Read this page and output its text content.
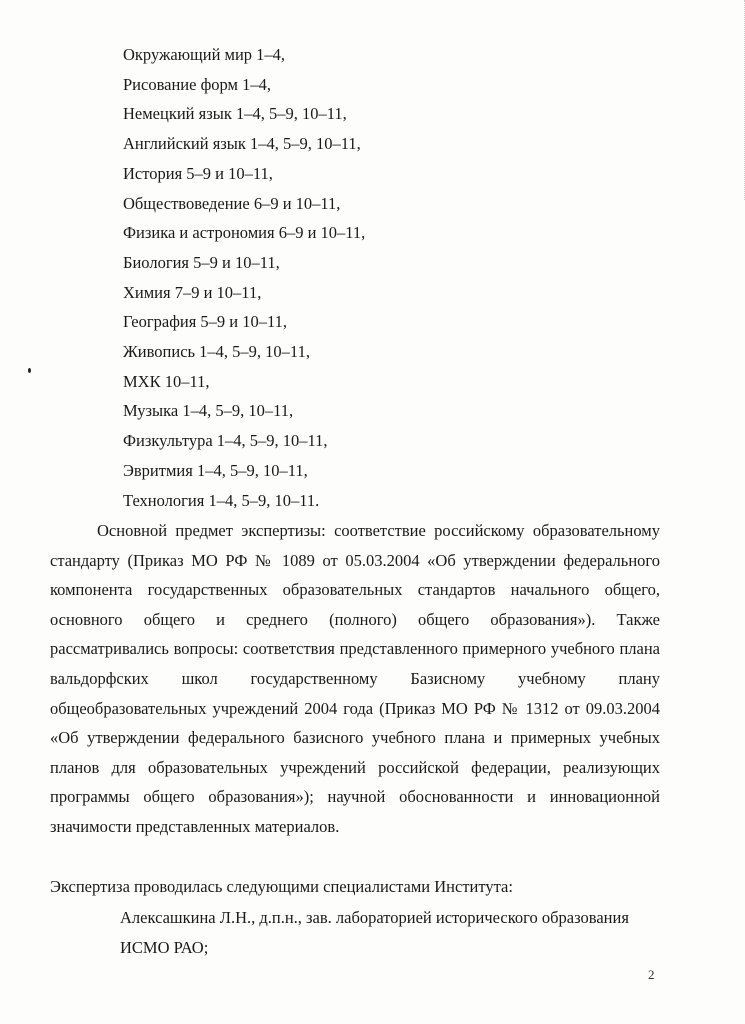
Окружающий мир 1–4,
Рисование форм 1–4,
Немецкий язык 1–4, 5–9, 10–11,
Английский язык 1–4, 5–9, 10–11,
История 5–9 и 10–11,
Обществоведение 6–9 и 10–11,
Физика и астрономия 6–9 и 10–11,
Биология 5–9 и 10–11,
Химия 7–9 и 10–11,
География 5–9 и 10–11,
Живопись 1–4, 5–9, 10–11,
МХК 10–11,
Музыка 1–4, 5–9, 10–11,
Физкультура 1–4, 5–9, 10–11,
Эвритмия 1–4, 5–9, 10–11,
Технология 1–4, 5–9, 10–11.

Основной предмет экспертизы: соответствие российскому образовательному стандарту (Приказ МО РФ № 1089 от 05.03.2004 «Об утверждении федерального компонента государственных образовательных стандартов начального общего, основного общего и среднего (полного) общего образования»). Также рассматривались вопросы: соответствия представленного примерного учебного плана вальдорфских школ государственному Базисному учебному плану общеобразовательных учреждений 2004 года (Приказ МО РФ № 1312 от 09.03.2004 «Об утверждении федерального базисного учебного плана и примерных учебных планов для образовательных учреждений российской федерации, реализующих программы общего образования»); научной обоснованности и инновационной значимости представленных материалов.

Экспертиза проводилась следующими специалистами Института:

Алексашкина Л.Н., д.п.н., зав. лабораторией исторического образования ИСМО РАО;

2
